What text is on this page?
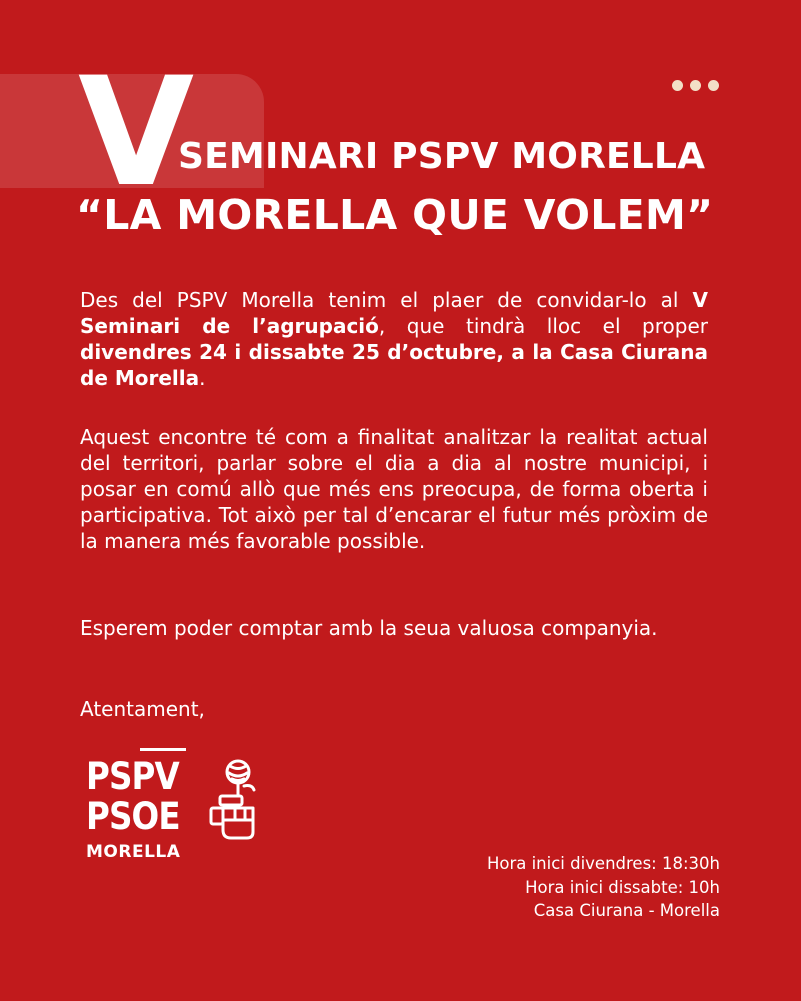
V
SEMINARI PSPV MORELLA
“LA MORELLA QUE VOLEM”
Des del PSPV Morella tenim el plaer de convidar-lo al V Seminari de l’agrupació, que tindrà lloc el proper divendres 24 i dissabte 25 d’octubre, a la Casa Ciurana de Morella.
Aquest encontre té com a finalitat analitzar la realitat actual del territori, parlar sobre el dia a dia al nostre municipi, i posar en comú allò que més ens preocupa, de forma oberta i participativa. Tot això per tal d’encarar el futur més pròxim de la manera més favorable possible.
Esperem poder comptar amb la seua valuosa companyia.
Atentament,
PSPV
PSOE
MORELLA
Hora inici divendres: 18:30h
Hora inici dissabte: 10h
Casa Ciurana - Morella
